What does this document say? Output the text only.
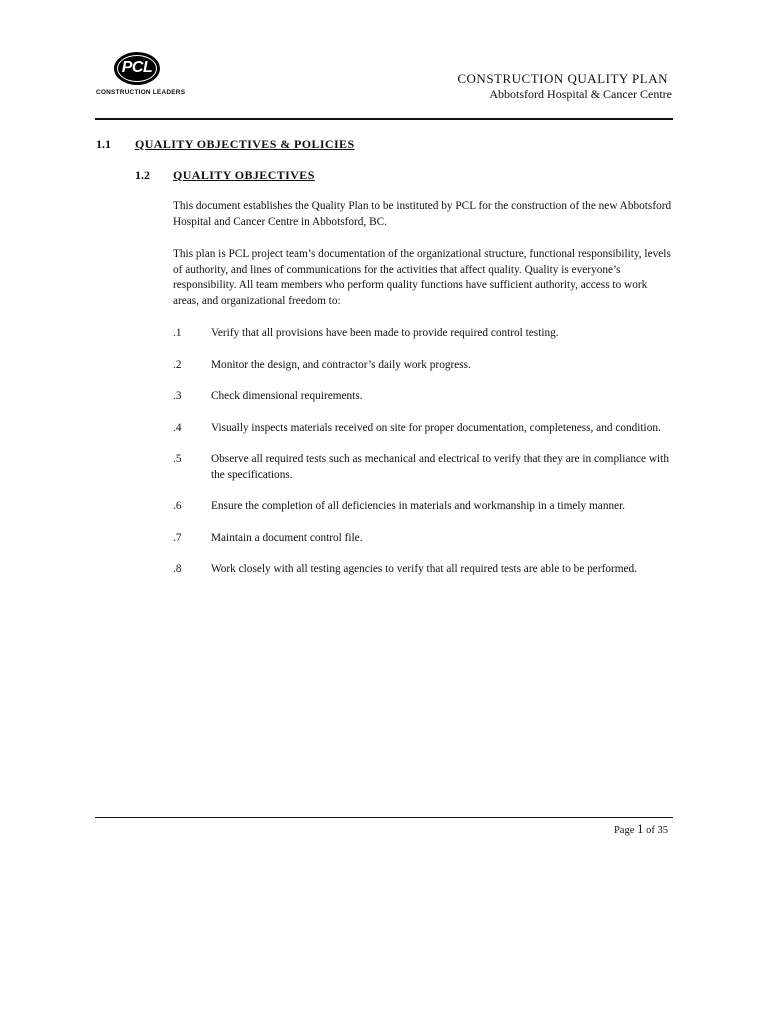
PCL
CONSTRUCTION LEADERS
CONSTRUCTION QUALITY PLAN
Abbotsford Hospital & Cancer Centre
1.1 QUALITY OBJECTIVES & POLICIES
1.2 QUALITY OBJECTIVES

This document establishes the Quality Plan to be instituted by PCL for the construction of the new Abbotsford Hospital and Cancer Centre in Abbotsford, BC.

This plan is PCL project team’s documentation of the organizational structure, functional responsibility, levels of authority, and lines of communications for the activities that affect quality. Quality is everyone’s responsibility. All team members who perform quality functions have sufficient authority, access to work areas, and organizational freedom to:

.1	Verify that all provisions have been made to provide required control testing.
.2	Monitor the design, and contractor’s daily work progress.
.3	Check dimensional requirements.
.4	Visually inspects materials received on site for proper documentation, completeness, and condition.
.5	Observe all required tests such as mechanical and electrical to verify that they are in compliance with the specifications.
.6	Ensure the completion of all deficiencies in materials and workmanship in a timely manner.
.7	Maintain a document control file.
.8	Work closely with all testing agencies to verify that all required tests are able to be performed.
Page 1 of 35
